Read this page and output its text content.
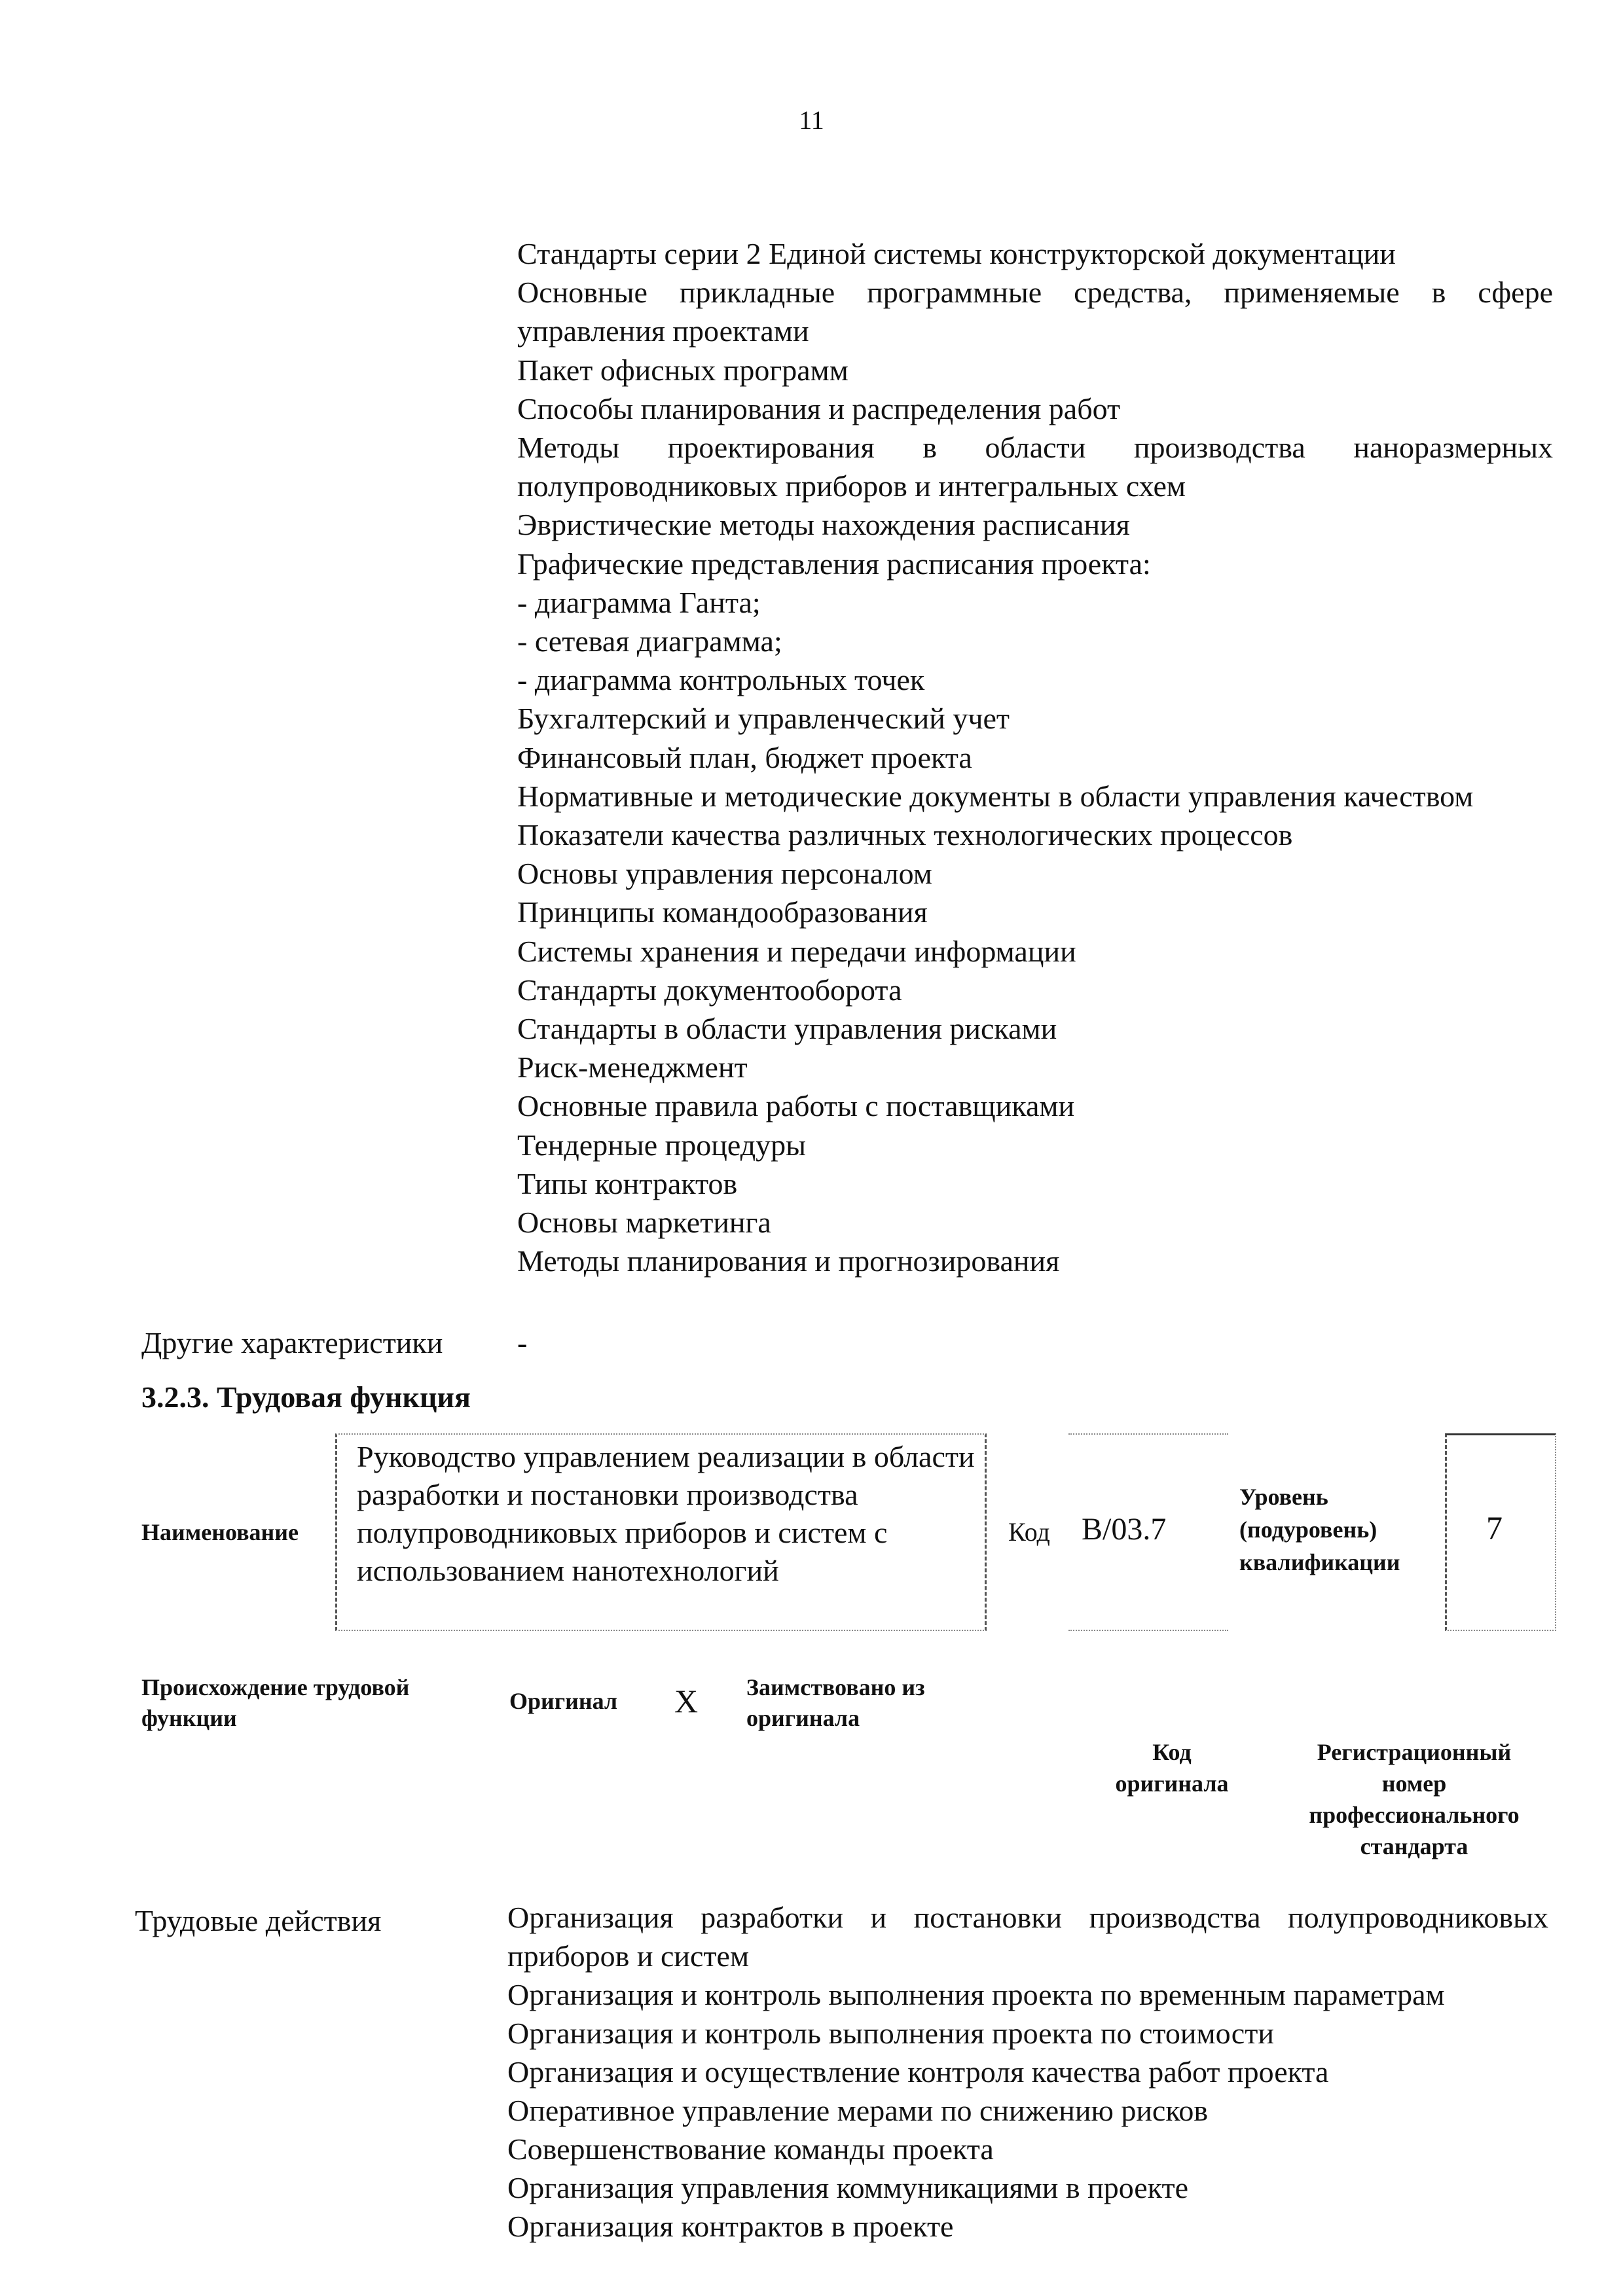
11

Стандарты серии 2 Единой системы конструкторской документации

Основные прикладные программные средства, применяемые в сфере управления проектами

Пакет офисных программ

Способы планирования и распределения работ

Методы проектирования в области производства наноразмерных полупроводниковых приборов и интегральных схем

Эвристические методы нахождения расписания

Графические представления расписания проекта:

- диаграмма Ганта;

- сетевая диаграмма;

- диаграмма контрольных точек

Бухгалтерский и управленческий учет

Финансовый план, бюджет проекта

Нормативные и методические документы в области управления качеством

Показатели качества различных технологических процессов

Основы управления персоналом

Принципы командообразования

Системы хранения и передачи информации

Стандарты документооборота

Стандарты в области управления рисками

Риск-менеджмент

Основные правила работы с поставщиками

Тендерные процедуры

Типы контрактов

Основы маркетинга

Методы планирования и прогнозирования

Другие характеристики -
3.2.3. Трудовая функция
Наименование
Руководство управлением реализации в области разработки и постановки производства полупроводниковых приборов и систем с использованием нанотехнологий
Код B/03.7
Уровень
(подуровень)
квалификации
7
Происхождение трудовой
функции
Оригинал X Заимствовано из
оригинала
Код
оригинала
Регистрационный
номер
профессионального
стандарта
Трудовые действия	Организация разработки и постановки производства полупроводниковых приборов и систем

Организация и контроль выполнения проекта по временным параметрам

Организация и контроль выполнения проекта по стоимости

Организация и осуществление контроля качества работ проекта

Оперативное управление мерами по снижению рисков

Совершенствование команды проекта

Организация управления коммуникациями в проекте

Организация контрактов в проекте
